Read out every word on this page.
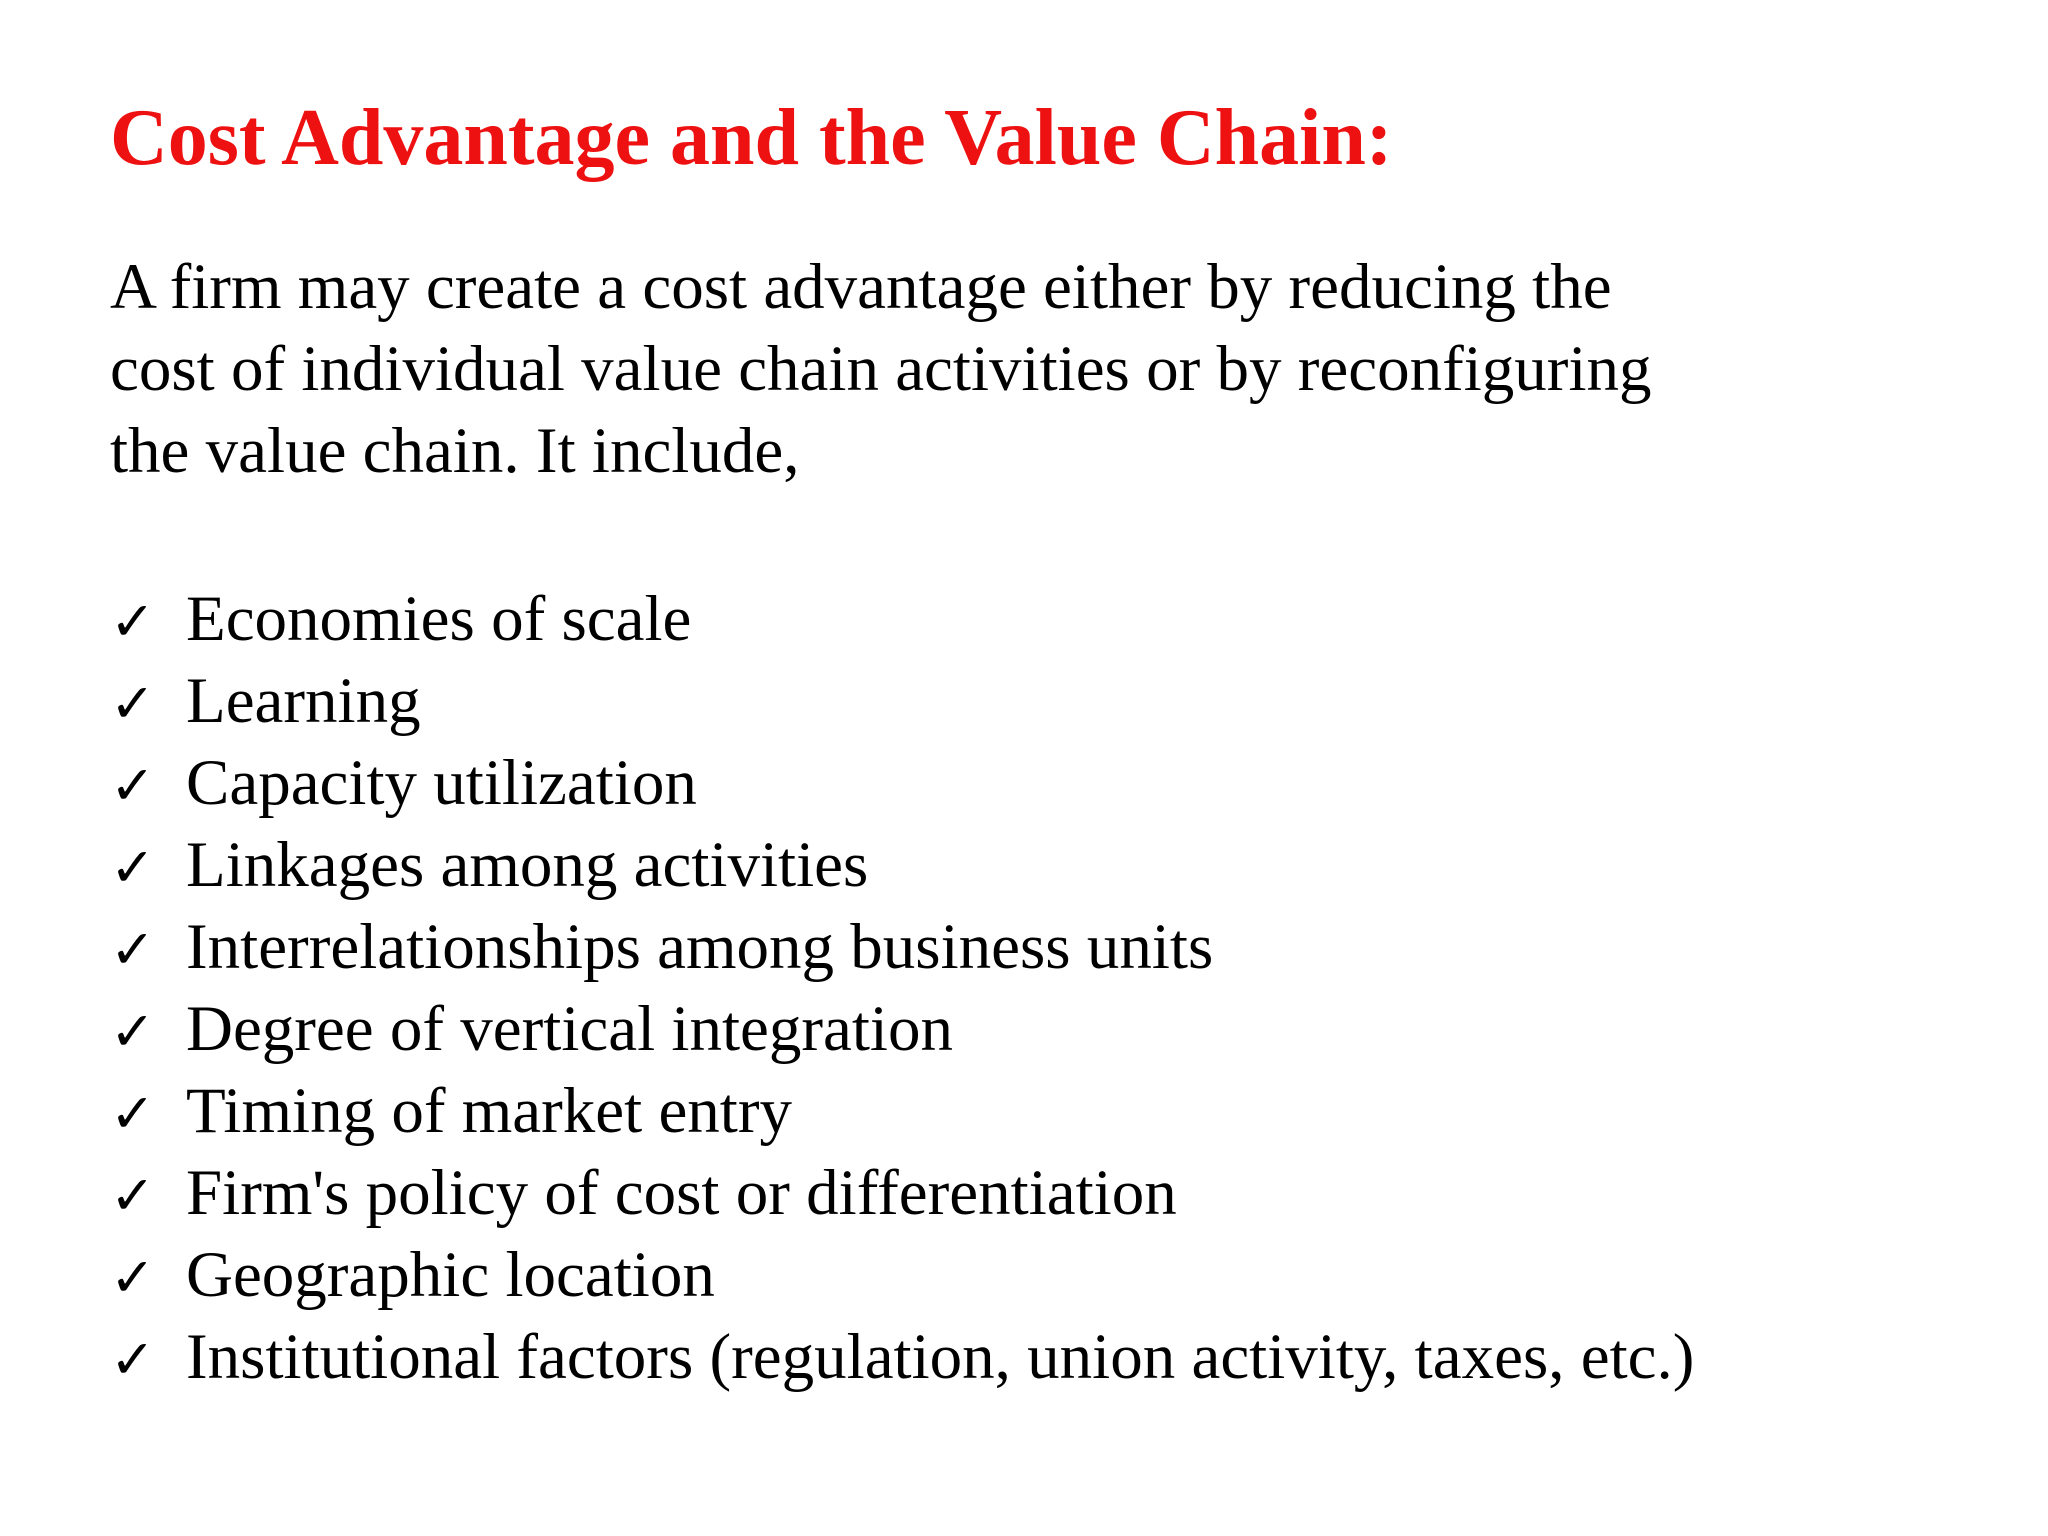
Cost Advantage and the Value Chain:

A firm may create a cost advantage either by reducing the
cost of individual value chain activities or by reconfiguring
the value chain. It include,

✓ Economies of scale
✓ Learning
✓ Capacity utilization
✓ Linkages among activities
✓ Interrelationships among business units
✓ Degree of vertical integration
✓ Timing of market entry
✓ Firm's policy of cost or differentiation
✓ Geographic location
✓ Institutional factors (regulation, union activity, taxes, etc.)
